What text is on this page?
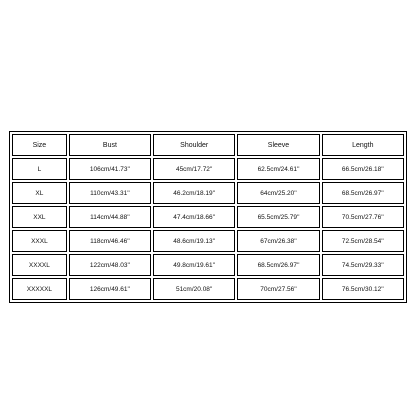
Size	Bust	Shoulder	Sleeve	Length
L	106cm/41.73''	45cm/17.72''	62.5cm/24.61''	66.5cm/26.18''
XL	110cm/43.31''	46.2cm/18.19''	64cm/25.20''	68.5cm/26.97''
XXL	114cm/44.88''	47.4cm/18.66''	65.5cm/25.79''	70.5cm/27.76''
XXXL	118cm/46.46''	48.6cm/19.13''	67cm/26.38''	72.5cm/28.54''
XXXXL	122cm/48.03''	49.8cm/19.61''	68.5cm/26.97''	74.5cm/29.33''
XXXXXL	126cm/49.61''	51cm/20.08''	70cm/27.56''	76.5cm/30.12''
